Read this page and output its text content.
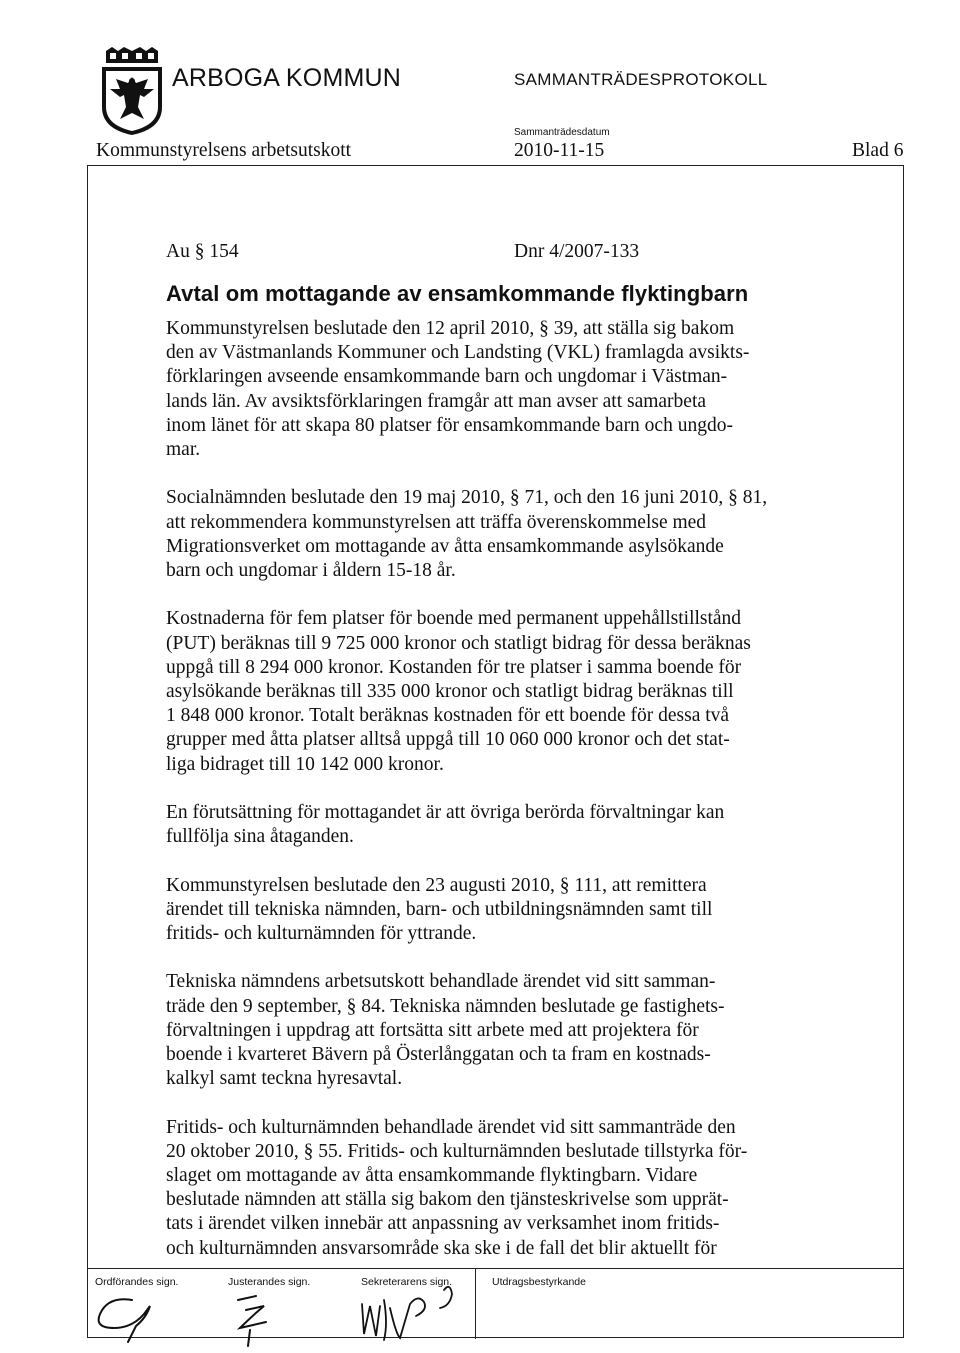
ARBOGA KOMMUN	SAMMANTRÄDESPROTOKOLL
Sammanträdesdatum
Kommunstyrelsens arbetsutskott	2010-11-15	Blad 6
Au § 154	Dnr 4/2007-133
Avtal om mottagande av ensamkommande flyktingbarn
Kommunstyrelsen beslutade den 12 april 2010, § 39, att ställa sig bakom
den av Västmanlands Kommuner och Landsting (VKL) framlagda avsikts-
förklaringen avseende ensamkommande barn och ungdomar i Västman-
lands län. Av avsiktsförklaringen framgår att man avser att samarbeta
inom länet för att skapa 80 platser för ensamkommande barn och ungdo-
mar.
Socialnämnden beslutade den 19 maj 2010, § 71, och den 16 juni 2010, § 81,
att rekommendera kommunstyrelsen att träffa överenskommelse med
Migrationsverket om mottagande av åtta ensamkommande asylsökande
barn och ungdomar i åldern 15-18 år.
Kostnaderna för fem platser för boende med permanent uppehållstillstånd
(PUT) beräknas till 9 725 000 kronor och statligt bidrag för dessa beräknas
uppgå till 8 294 000 kronor. Kostanden för tre platser i samma boende för
asylsökande beräknas till 335 000 kronor och statligt bidrag beräknas till
1 848 000 kronor. Totalt beräknas kostnaden för ett boende för dessa två
grupper med åtta platser alltså uppgå till 10 060 000 kronor och det stat-
liga bidraget till 10 142 000 kronor.
En förutsättning för mottagandet är att övriga berörda förvaltningar kan
fullfölja sina åtaganden.
Kommunstyrelsen beslutade den 23 augusti 2010, § 111, att remittera
ärendet till tekniska nämnden, barn- och utbildningsnämnden samt till
fritids- och kulturnämnden för yttrande.
Tekniska nämndens arbetsutskott behandlade ärendet vid sitt samman-
träde den 9 september, § 84. Tekniska nämnden beslutade ge fastighets-
förvaltningen i uppdrag att fortsätta sitt arbete med att projektera för
boende i kvarteret Bävern på Österlånggatan och ta fram en kostnads-
kalkyl samt teckna hyresavtal.
Fritids- och kulturnämnden behandlade ärendet vid sitt sammanträde den
20 oktober 2010, § 55. Fritids- och kulturnämnden beslutade tillstyrka för-
slaget om mottagande av åtta ensamkommande flyktingbarn. Vidare
beslutade nämnden att ställa sig bakom den tjänsteskrivelse som upprät-
tats i ärendet vilken innebär att anpassning av verksamhet inom fritids-
och kulturnämnden ansvarsområde ska ske i de fall det blir aktuellt för
Ordförandes sign.	Justerandes sign.	Sekreterarens sign.	Utdragsbestyrkande
